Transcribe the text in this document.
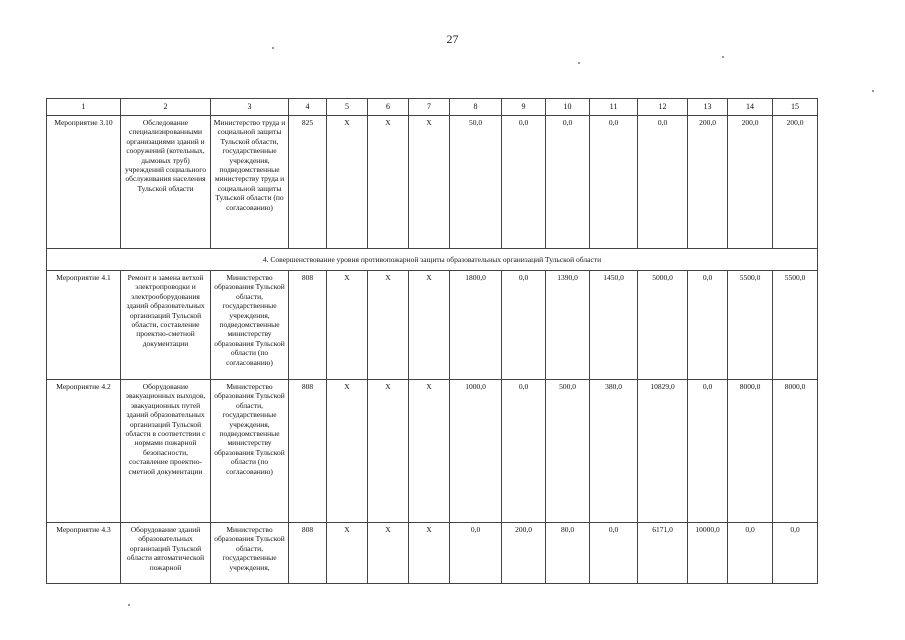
27
1	2	3	4	5	6	7	8	9	10	11	12	13	14	15
Мероприятие 3.10	Обследование специализированными организациями зданий и сооружений (котельных, дымовых труб) учреждений социального обслуживания населения Тульской области	Министерство труда и социальной защиты Тульской области, государственные учреждения, подведомственные министерству труда и социальной защиты Тульской области (по согласованию)	825	X	X	X	50,0	0,0	0,0	0,0	0,0	200,0	200,0	200,0
4. Совершенствование уровня противопожарной защиты образовательных организаций Тульской области														
Мероприятие 4.1	Ремонт и замена ветхой электропроводки и электрооборудования зданий образовательных организаций Тульской области, составление проектно-сметной документации	Министерство образования Тульской области, государственные учреждения, подведомственные министерству образования Тульской области (по согласованию)	808	X	X	X	1800,0	0,0	1390,0	1450,0	5000,0	0,0	5500,0	5500,0
Мероприятие 4.2	Оборудование эвакуационных выходов, эвакуационных путей зданий образовательных организаций Тульской области в соответствии с нормами пожарной безопасности, составление проектно-сметной документации	Министерство образования Тульской области, государственные учреждения, подведомственные министерству образования Тульской области (по согласованию)	808	X	X	X	1000,0	0,0	500,0	380,0	10829,0	0,0	8000,0	8000,0
Мероприятие 4.3	Оборудование зданий образовательных организаций Тульской области автоматической пожарной	Министерство образования Тульской области, государственные учреждения,	808	X	X	X	0,0	200,0	80,0	0,0	6171,0	10000,0	0,0	0,0
